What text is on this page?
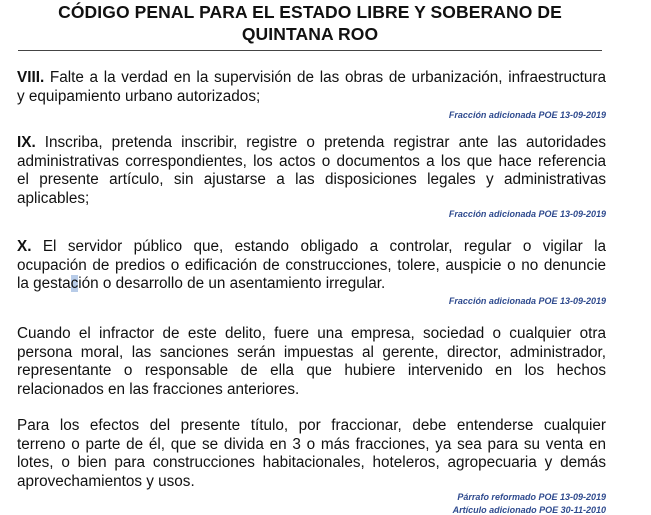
CÓDIGO PENAL PARA EL ESTADO LIBRE Y SOBERANO DE
QUINTANA ROO
VIII. Falte a la verdad en la supervisión de las obras de urbanización, infraestructura
y equipamiento urbano autorizados;
Fracción adicionada POE 13-09-2019
IX. Inscriba, pretenda inscribir, registre o pretenda registrar ante las autoridades
administrativas correspondientes, los actos o documentos a los que hace referencia
el presente artículo, sin ajustarse a las disposiciones legales y administrativas
aplicables;
Fracción adicionada POE 13-09-2019
X. El servidor público que, estando obligado a controlar, regular o vigilar la
ocupación de predios o edificación de construcciones, tolere, auspicie o no denuncie
la gestación o desarrollo de un asentamiento irregular.
Fracción adicionada POE 13-09-2019
Cuando el infractor de este delito, fuere una empresa, sociedad o cualquier otra
persona moral, las sanciones serán impuestas al gerente, director, administrador,
representante o responsable de ella que hubiere intervenido en los hechos
relacionados en las fracciones anteriores.
Para los efectos del presente título, por fraccionar, debe entenderse cualquier
terreno o parte de él, que se divida en 3 o más fracciones, ya sea para su venta en
lotes, o bien para construcciones habitacionales, hoteleros, agropecuaria y demás
aprovechamientos y usos.
Párrafo reformado POE 13-09-2019
Artículo adicionado POE 30-11-2010
